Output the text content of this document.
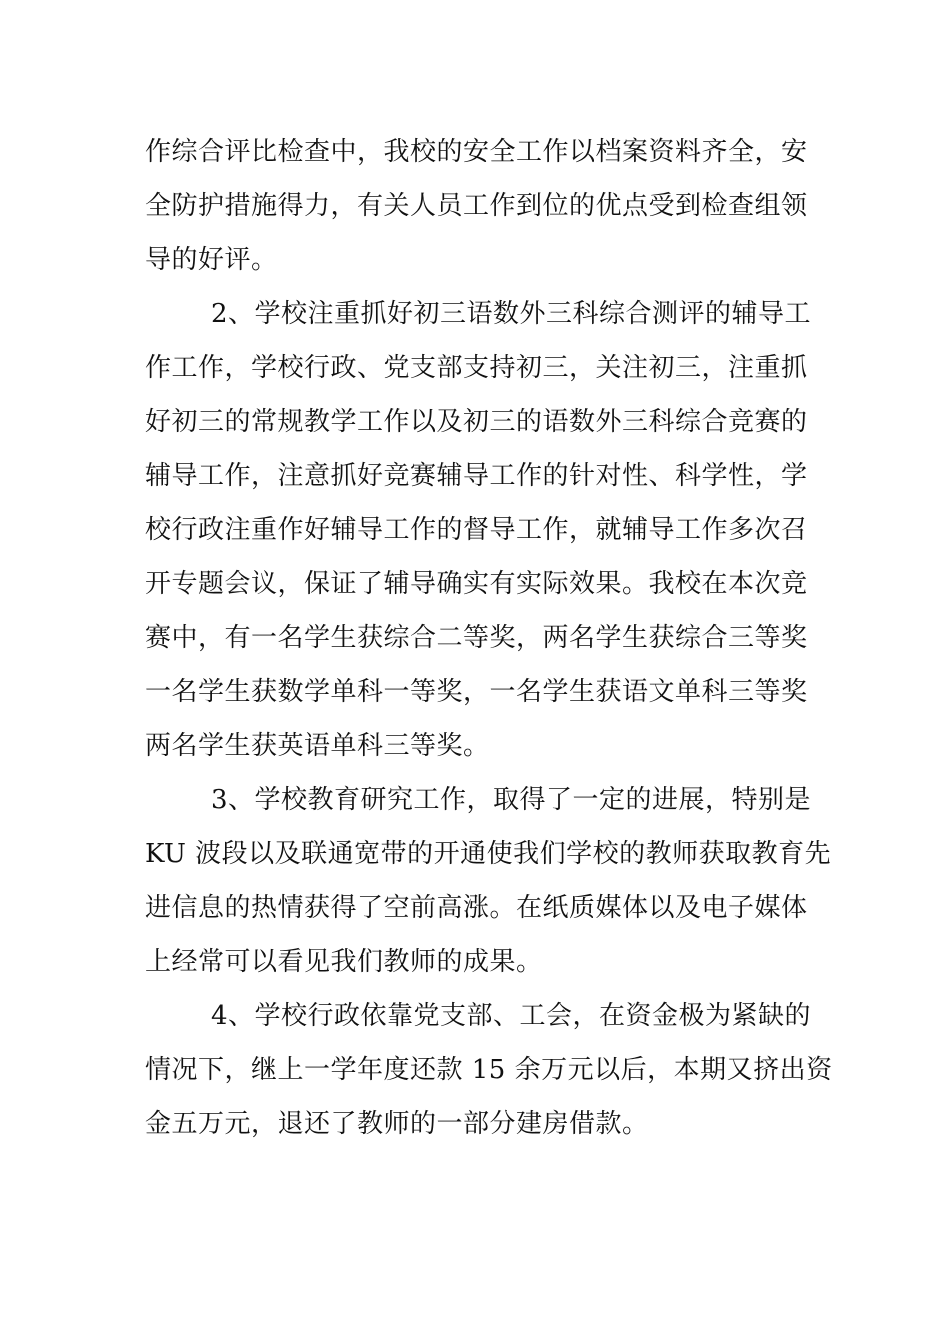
作综合评比检查中，我校的安全工作以档案资料齐全，安
全防护措施得力，有关人员工作到位的优点受到检查组领
导的好评。
2、学校注重抓好初三语数外三科综合测评的辅导工
作工作，学校行政、党支部支持初三，关注初三，注重抓
好初三的常规教学工作以及初三的语数外三科综合竞赛的
辅导工作，注意抓好竞赛辅导工作的针对性、科学性，学
校行政注重作好辅导工作的督导工作，就辅导工作多次召
开专题会议，保证了辅导确实有实际效果。我校在本次竞
赛中，有一名学生获综合二等奖，两名学生获综合三等奖
一名学生获数学单科一等奖，一名学生获语文单科三等奖
两名学生获英语单科三等奖。
3、学校教育研究工作，取得了一定的进展，特别是
KU 波段以及联通宽带的开通使我们学校的教师获取教育先
进信息的热情获得了空前高涨。在纸质媒体以及电子媒体
上经常可以看见我们教师的成果。
4、学校行政依靠党支部、工会，在资金极为紧缺的
情况下，继上一学年度还款 15 余万元以后，本期又挤出资
金五万元，退还了教师的一部分建房借款。
